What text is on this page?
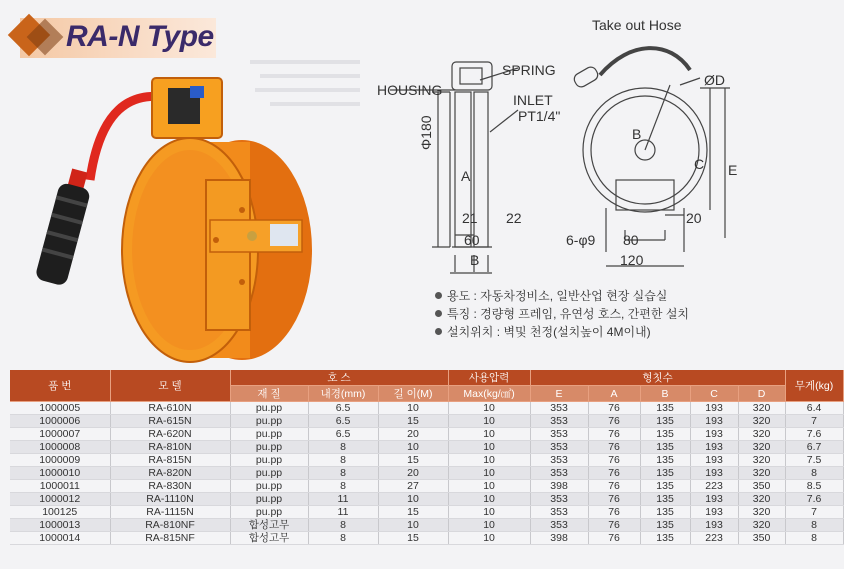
RA-N Type
HOUSING
SPRING
INLET
PT1/4"
Φ180
A
21 22
60
B
Take out Hose
ØD
B
C E
20
6-φ9 80
120
용도 : 자동차정비소, 일반산업 현장 실습실
특징 : 경량형 프레임, 유연성 호스, 간편한 설치
설치위치 : 벽및 천정(설치높이 4M이내)
품 번	모 델	호 스			사용압력	형칫수					무게(kg)
		재 질	내경(mm)	길 이(M)	Max(kg/㎠)	E	A	B	C	D	
1000005	RA-610N	pu.pp	6.5	10	10	353	76	135	193	320	6.4
1000006	RA-615N	pu.pp	6.5	15	10	353	76	135	193	320	7
1000007	RA-620N	pu.pp	6.5	20	10	353	76	135	193	320	7.6
1000008	RA-810N	pu.pp	8	10	10	353	76	135	193	320	6.7
1000009	RA-815N	pu.pp	8	15	10	353	76	135	193	320	7.5
1000010	RA-820N	pu.pp	8	20	10	353	76	135	193	320	8
1000011	RA-830N	pu.pp	8	27	10	398	76	135	223	350	8.5
1000012	RA-1110N	pu.pp	11	10	10	353	76	135	193	320	7.6
100125	RA-1115N	pu.pp	11	15	10	353	76	135	193	320	7
1000013	RA-810NF	합성고무	8	10	10	353	76	135	193	320	8
1000014	RA-815NF	합성고무	8	15	10	398	76	135	223	350	8
